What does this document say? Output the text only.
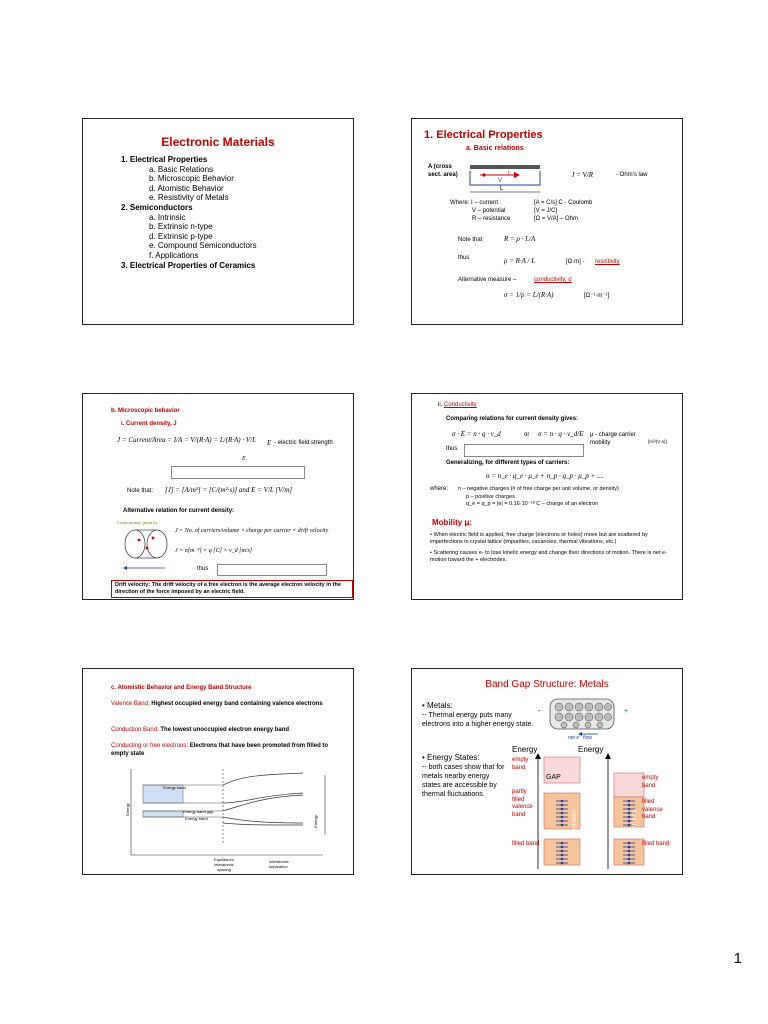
Electronic Materials
1. Electrical Properties
a. Basic Relations
b. Microscopic Behavior
d. Atomistic Behavior
e. Resistivity of Metals
2. Semiconductors
a. Intrinsic
b. Extrinsic n-type
d. Extrinsic p-type
e. Compound Semiconductors
f. Applications
3. Electrical Properties of Ceramics
1. Electrical Properties
a. Basic relations
A (cross sect. area)	I
V
L
I = V/R	- Ohm's law
Where: I – current	[A = C/s] C - Coulomb
V – potential	[V = J/C]
R – resistance	[Ω = V/A] – Ohm
Note that	R = ρ · L/A
thus	ρ = R·A / L	[Ω·m] - resistivity
Alternative measure –	conductivity, σ
σ = 1/ρ = L/(R·A)	[Ω⁻¹·m⁻¹]
b. Microscopic behavior
i. Current density, J
J = Current/Area = I/A = V/(R·A) = L/(R·A) · V/L E - electric field strength
E
Note that: [J] = [A/m²] = [C/(m²·s)] and E = V/L [V/m]
Alternative relation for current density:
Cross-section (area A)
J = No. of carriers/volume × charge per carrier × drift velocity
J = n[m⁻³] × q [C] × v_d [m/s]
thus
Drift velocity: The drift velocity of a free electron is the average electron velocity in the direction of the force imposed by an electric field.
ii. Conductivity
Comparing relations for current density gives:
σ · E = n · q · v_d	or σ = n · q · v_d/E μ - charge carrier mobility	[m²/(V·s)]
thus
Generalizing, for different types of carriers:
σ = n_e · q_e · μ_e + n_p · q_p · μ_p + ....
where: n – negative charges (# of free charge per unit volume, or density)
p – positive charges
q_e = q_p = |e| = 0.16·10⁻¹⁸ C – charge of an electron
Mobility μ:
• When electric field is applied, free charge (electrons or holes) move but are scattered by imperfections in crystal lattice (impurities, vacancies, thermal vibrations, etc.)
• Scattering causes e- to lose kinetic energy and change their directions of motion. There is net e- motion toward the + electrodes.
c. Atomistic Behavior and Energy Band Structure
Valence Band: Highest occupied energy band containing valence electrons
Conduction Band: The lowest unoccupied electron energy band
Conducting or free electrons: Electrons that have been promoted from filled to empty state
Energy band
Energy band gap
Energy band
Energy
Equilibrium interatomic spacing
Interatomic separation
Energy
Band Gap Structure: Metals
• Metals:
-- Thermal energy puts many electrons into a higher energy state.
• Energy States:
-- both cases show that for metals nearby energy states are accessible by thermal fluctuations.
-	+
net e⁻ flow
Energy
empty band
GAP
partly filled valence band
filled band
filled states
Energy
empty band
filled valence band
filled band
filled states
1
